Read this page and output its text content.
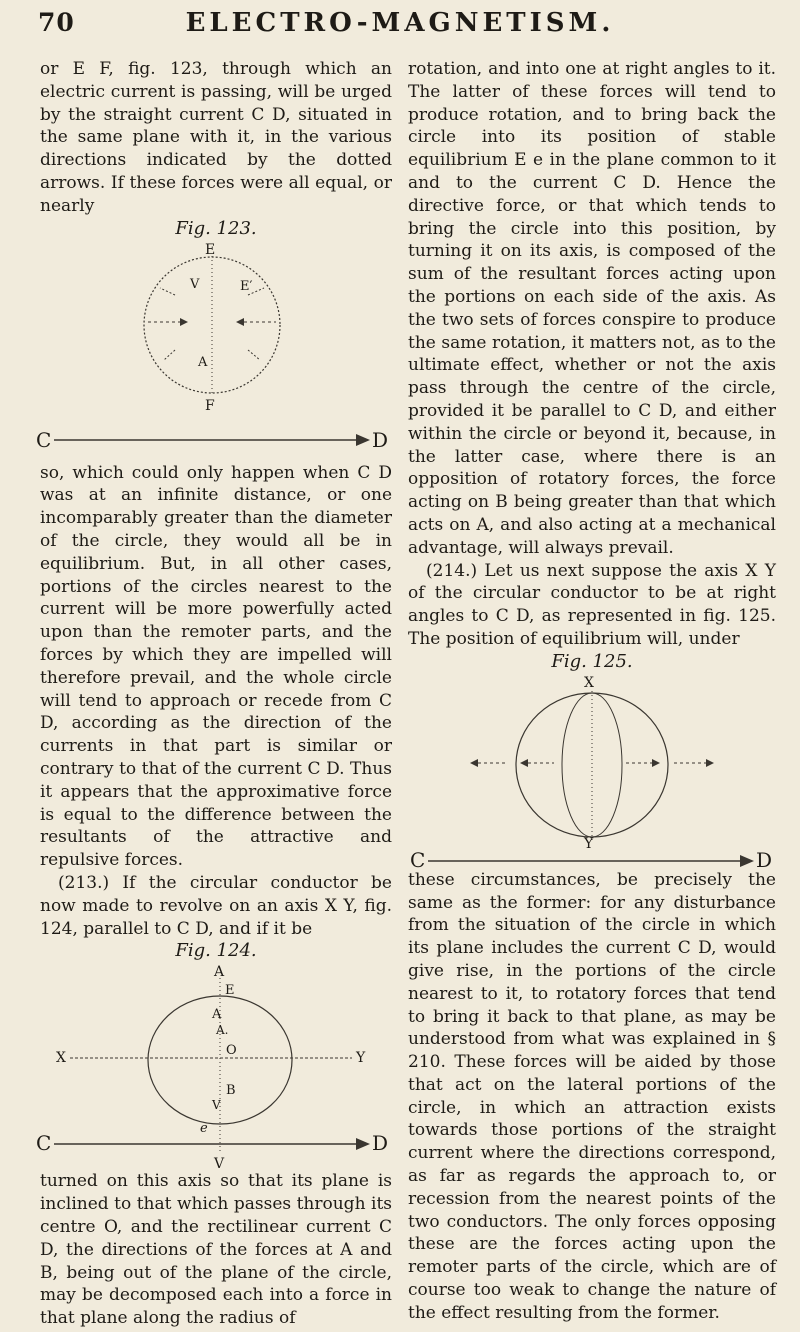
70	ELECTRO-MAGNETISM.

or E F, fig. 123, through which an electric current is passing, will be urged by the straight current C D, situated in the same plane with it, in the various directions indicated by the dotted arrows. If these forces were all equal, or nearly

Fig. 123.

E
V	E′
A
F
C	D

so, which could only happen when C D was at an infinite distance, or one incomparably greater than the diameter of the circle, they would all be in equilibrium. But, in all other cases, portions of the circles nearest to the current will be more powerfully acted upon than the remoter parts, and the forces by which they are impelled will therefore prevail, and the whole circle will tend to approach or recede from C D, according as the direction of the currents in that part is similar or contrary to that of the current C D. Thus it appears that the approximative force is equal to the difference between the resultants of the attractive and repulsive forces.

(213.) If the circular conductor be now made to revolve on an axis X Y, fig. 124, parallel to C D, and if it be

Fig. 124.

A
E
A
A.
X	O	Y
B
V
e
C	D
V

turned on this axis so that its plane is inclined to that which passes through its centre O, and the rectilinear current C D, the directions of the forces at A and B, being out of the plane of the circle, may be decomposed each into a force in that plane along the radius of

rotation, and into one at right angles to it. The latter of these forces will tend to produce rotation, and to bring back the circle into its position of stable equilibrium E e in the plane common to it and to the current C D. Hence the directive force, or that which tends to bring the circle into this position, by turning it on its axis, is composed of the sum of the resultant forces acting upon the portions on each side of the axis. As the two sets of forces conspire to produce the same rotation, it matters not, as to the ultimate effect, whether or not the axis pass through the centre of the circle, provided it be parallel to C D, and either within the circle or beyond it, because, in the latter case, where there is an opposition of rotatory forces, the force acting on B being greater than that which acts on A, and also acting at a mechanical advantage, will always prevail.

(214.) Let us next suppose the axis X Y of the circular conductor to be at right angles to C D, as represented in fig. 125. The position of equilibrium will, under

Fig. 125.

X
Y
C	D

these circumstances, be precisely the same as the former: for any disturbance from the situation of the circle in which its plane includes the current C D, would give rise, in the portions of the circle nearest to it, to rotatory forces that tend to bring it back to that plane, as may be understood from what was explained in § 210. These forces will be aided by those that act on the lateral portions of the circle, in which an attraction exists towards those portions of the straight current where the directions correspond, as far as regards the approach to, or recession from the nearest points of the two conductors. The only forces opposing these are the forces acting upon the remoter parts of the circle, which are of course too weak to change the nature of the effect resulting from the former.
